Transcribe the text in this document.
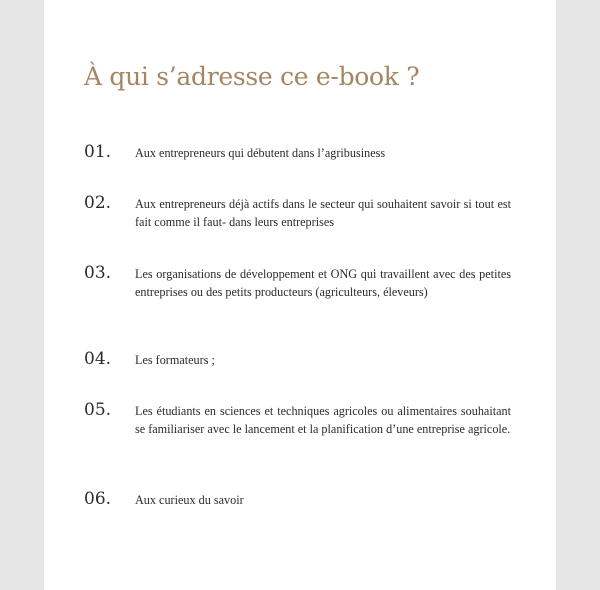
À qui s’adresse ce e-book ?
01. Aux entrepreneurs qui débutent dans l’agribusiness
02. Aux entrepreneurs déjà actifs dans le secteur qui souhaitent savoir si tout est fait comme il faut- dans leurs entreprises
03. Les organisations de développement et ONG qui travaillent avec des petites entreprises ou des petits producteurs (agriculteurs, éleveurs)
04. Les formateurs ;
05. Les étudiants en sciences et techniques agricoles ou alimentaires souhaitant se familiariser avec le lancement et la planification d’une entreprise agricole.
06. Aux curieux du savoir
